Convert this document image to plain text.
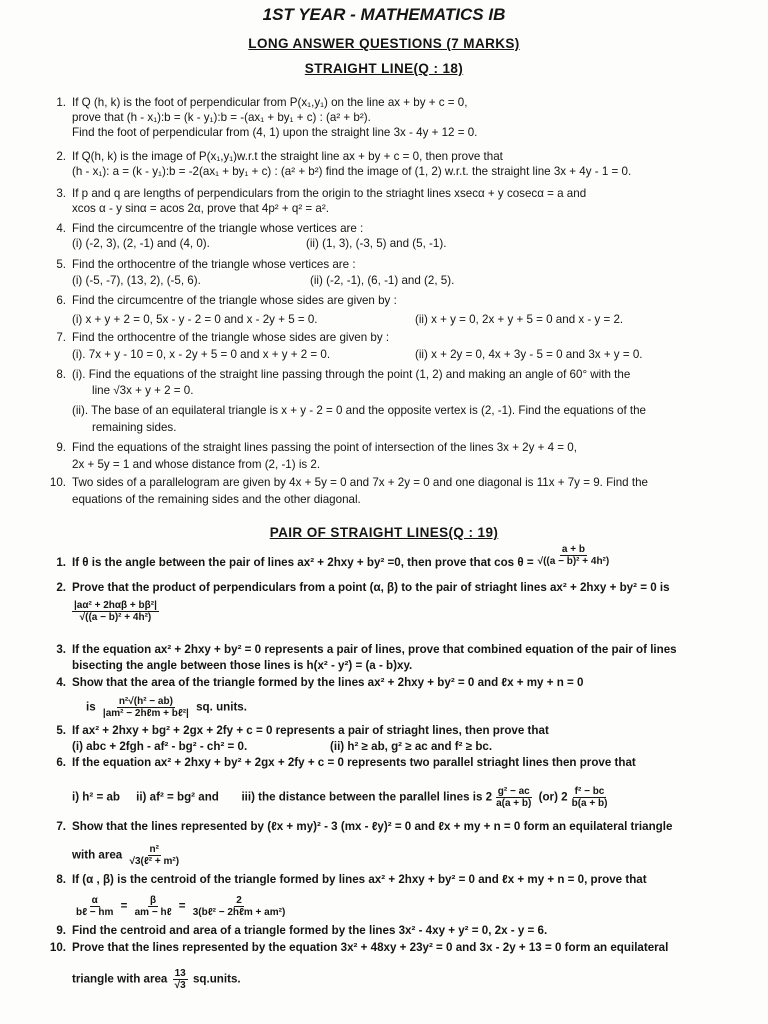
1ST YEAR - MATHEMATICS IB
LONG ANSWER QUESTIONS (7 MARKS)
STRAIGHT LINE(Q : 18)
1. If Q (h, k) is the foot of perpendicular from P(x₁,y₁) on the line ax + by + c = 0,
prove that (h - x₁):b = (k - y₁):b = -(ax₁ + by₁ + c) : (a² + b²).
Find the foot of perpendicular from (4, 1) upon the straight line 3x - 4y + 12 = 0.
2. If Q(h, k) is the image of P(x₁,y₁)w.r.t the straight line ax + by + c = 0, then prove that
(h - x₁): a = (k - y₁):b = -2(ax₁ + by₁ + c) : (a² + b²) find the image of (1, 2) w.r.t. the straight line 3x + 4y - 1 = 0.
3. If p and q are lengths of perpendiculars from the origin to the striaght lines xsecα + y cosecα = a and
xcos α - y sinα = acos 2α, prove that 4p² + q² = a².
4. Find the circumcentre of the triangle whose vertices are :
(i) (-2, 3), (2, -1) and (4, 0).	(ii) (1, 3), (-3, 5) and (5, -1).
5. Find the orthocentre of the triangle whose vertices are :
(i) (-5, -7), (13, 2), (-5, 6).	(ii) (-2, -1), (6, -1) and (2, 5).
6. Find the circumcentre of the triangle whose sides are given by :
(i) x + y + 2 = 0, 5x - y - 2 = 0 and x - 2y + 5 = 0.	(ii) x + y = 0, 2x + y + 5 = 0 and x - y = 2.
7. Find the orthocentre of the triangle whose sides are given by :
(i). 7x + y - 10 = 0, x - 2y + 5 = 0 and x + y + 2 = 0.	(ii) x + 2y = 0, 4x + 3y - 5 = 0 and 3x + y = 0.
8. (i). Find the equations of the straight line passing through the point (1, 2) and making an angle of 60° with the
line √3x + y + 2 = 0.
(ii). The base of an equilateral triangle is x + y - 2 = 0 and the opposite vertex is (2, -1). Find the equations of the
remaining sides.
9. Find the equations of the straight lines passing the point of intersection of the lines 3x + 2y + 4 = 0,
2x + 5y = 1 and whose distance from (2, -1) is 2.
10. Two sides of a parallelogram are given by 4x + 5y = 0 and 7x + 2y = 0 and one diagonal is 11x + 7y = 9. Find the
equations of the remaining sides and the other diagonal.
PAIR OF STRAIGHT LINES(Q : 19)
1. If θ is the angle between the pair of lines ax² + 2hxy + by² =0, then prove that $\cos \theta = \frac{a + b}{\text{√((a − b)² + 4h²)}}$
2. Prove that the product of perpendiculars from a point (α, β) to the pair of striaght lines ax² + 2hxy + by² = 0 is
$\frac{\text{|aα² + 2hαβ + bβ²|}}{\text{√((a − b)² + 4h²)}}$
3. If the equation ax² + 2hxy + by² = 0 represents a pair of lines, prove that combined equation of the pair of lines
bisecting the angle between those lines is h(x² - y²) = (a - b)xy.
4. Show that the area of the triangle formed by the lines ax² + 2hxy + by² = 0 and ℓx + my + n = 0
is $\frac{\text{n²√(h² − ab)}}{\text{|am² − 2hℓm + bℓ²|}}$ sq. units.
5. If ax² + 2hxy + bg² + 2gx + 2fy + c = 0 represents a pair of striaght lines, then prove that
(i) abc + 2fgh - af² - bg² - ch² = 0.	(ii) h² ≥ ab, g² ≥ ac and f² ≥ bc.
6. If the equation ax² + 2hxy + by² + 2gx + 2fy + c = 0 represents two parallel striaght lines then prove that
i) h² = ab ii) af² = bg² and iii) the distance between the parallel lines is $2 \frac{\text{g² − ac}}{a(a + b)} (or)$ $2 \frac{\text{f² − bc}}{b(a + b)}$
7. Show that the lines represented by (ℓx + my)² - 3 (mx - ℓy)² = 0 and ℓx + my + n = 0 form an equilateral triangle
with area $\frac{\text{n²}}{\text{√3(ℓ² + m²)}}$
8. If (α , β) is the centroid of the triangle formed by lines ax² + 2hxy + by² = 0 and ℓx + my + n = 0, prove that
$\frac{\alpha}{\text{bℓ − hm}} = \frac{\beta}{\text{am − hℓ}} = \frac{2}{\text{3(bℓ² − 2hℓm + am²)}}$
9. Find the centroid and area of a triangle formed by the lines 3x² - 4xy + y² = 0, 2x - y = 6.
10. Prove that the lines represented by the equation 3x² + 48xy + 23y² = 0 and 3x - 2y + 13 = 0 form an equilateral
triangle with area $\frac{13}{√3}$ sq.units.
